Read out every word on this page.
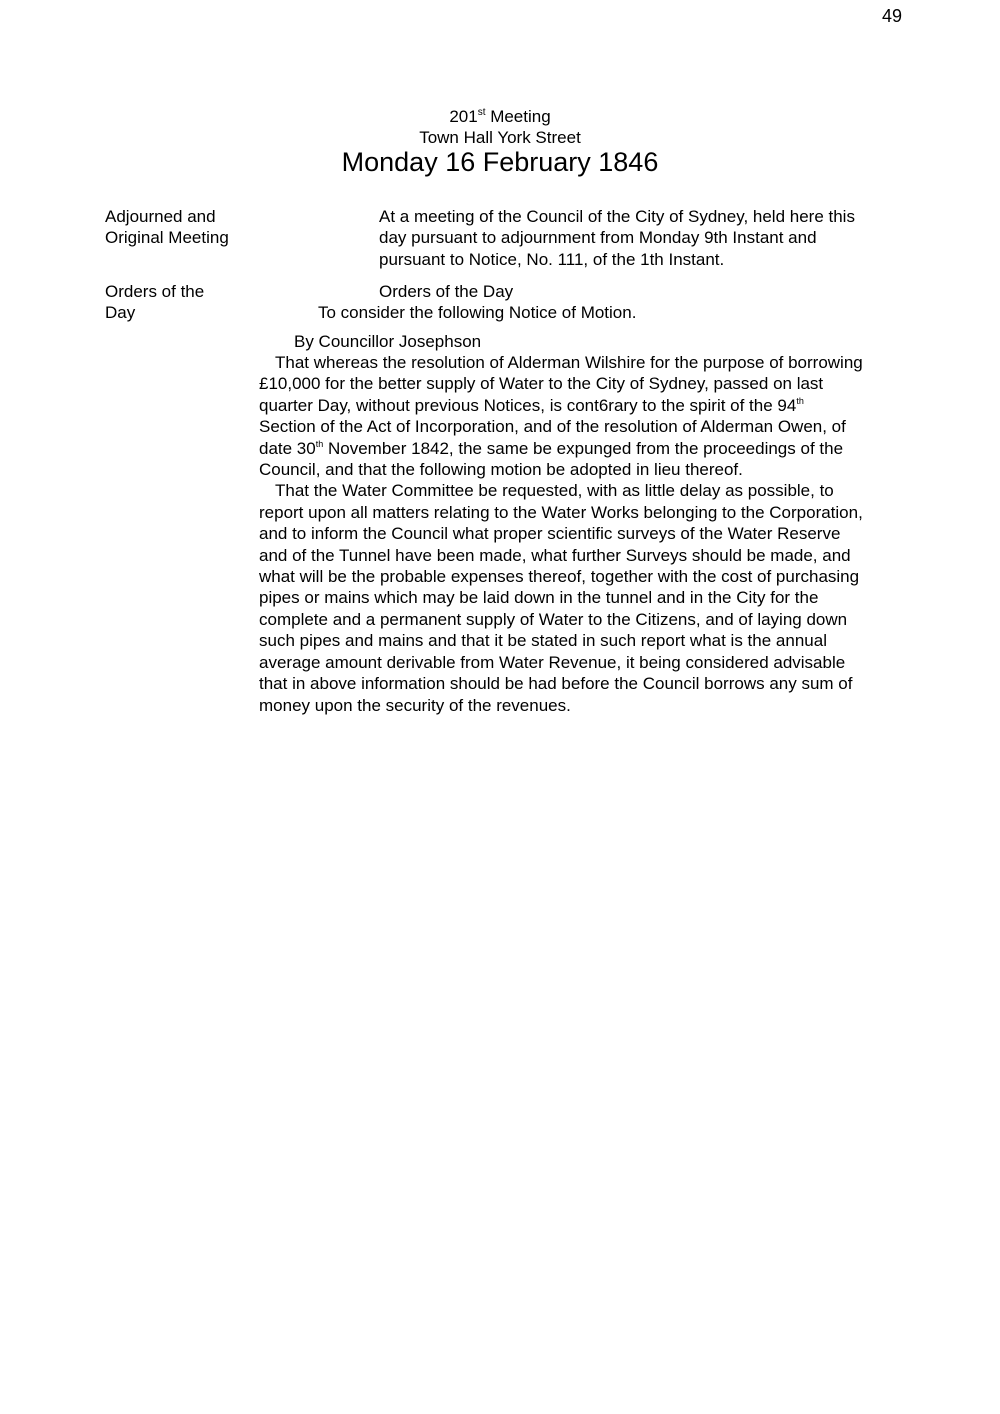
49
201st Meeting
Town Hall York Street
Monday 16 February 1846
Adjourned and
Original Meeting
Orders of the
Day
At a meeting of the Council of the City of Sydney, held here this
day pursuant to adjournment from Monday 9th Instant and
pursuant to Notice, No. 111, of the 1th Instant.
Orders of the Day
To consider the following Notice of Motion.
By Councillor Josephson
That whereas the resolution of Alderman Wilshire for the purpose of borrowing
£10,000 for the better supply of Water to the City of Sydney, passed on last
quarter Day, without previous Notices, is cont6rary to the spirit of the 94th
Section of the Act of Incorporation, and of the resolution of Alderman Owen, of
date 30th November 1842, the same be expunged from the proceedings of the
Council, and that the following motion be adopted in lieu thereof.
That the Water Committee be requested, with as little delay as possible, to
report upon all matters relating to the Water Works belonging to the Corporation,
and to inform the Council what proper scientific surveys of the Water Reserve
and of the Tunnel have been made, what further Surveys should be made, and
what will be the probable expenses thereof, together with the cost of purchasing
pipes or mains which may be laid down in the tunnel and in the City for the
complete and a permanent supply of Water to the Citizens, and of laying down
such pipes and mains and that it be stated in such report what is the annual
average amount derivable from Water Revenue, it being considered advisable
that in above information should be had before the Council borrows any sum of
money upon the security of the revenues.
